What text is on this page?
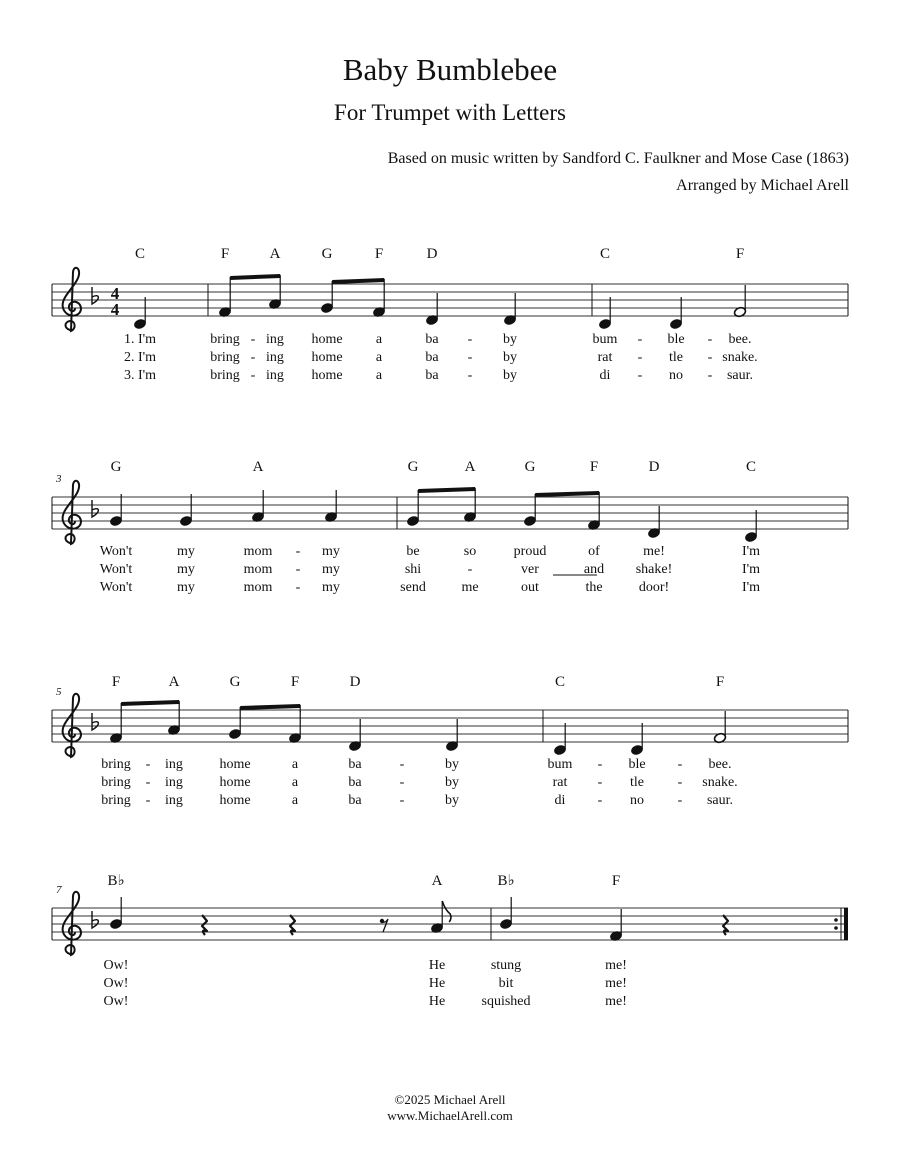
Baby Bumblebee
For Trumpet with Letters
Based on music written by Sandford C. Faulkner and Mose Case (1863)
Arranged by Michael Arell
4
4
C	F	A	G	F	D	C	F
1. I'm	bring - ing home a	ba - by	bum - ble - bee.
2. I'm	bring - ing home a	ba - by	rat - tle - snake.
3. I'm	bring - ing home a	ba - by	di - no - saur.
3
G	A	G	A	G	F	D	C
Won't	my	mom - my	be	so	proud	of	me!	I'm
Won't	my	mom - my	shi	-	ver	and shake!	I'm
Won't	my	mom - my	send	me	out	the	door!	I'm
5
F	A	G	F	D	C	F
bring - ing	home	a	ba	-	by	bum - ble - bee.
bring - ing	home	a	ba	-	by	rat - tle - snake.
bring - ing	home	a	ba	-	by	di - no - saur.
7
B♭	A	B♭	F
Ow!	He	stung	me!
Ow!	He	bit	me!
Ow!	He	squished	me!
©2025 Michael Arell
www.MichaelArell.com
